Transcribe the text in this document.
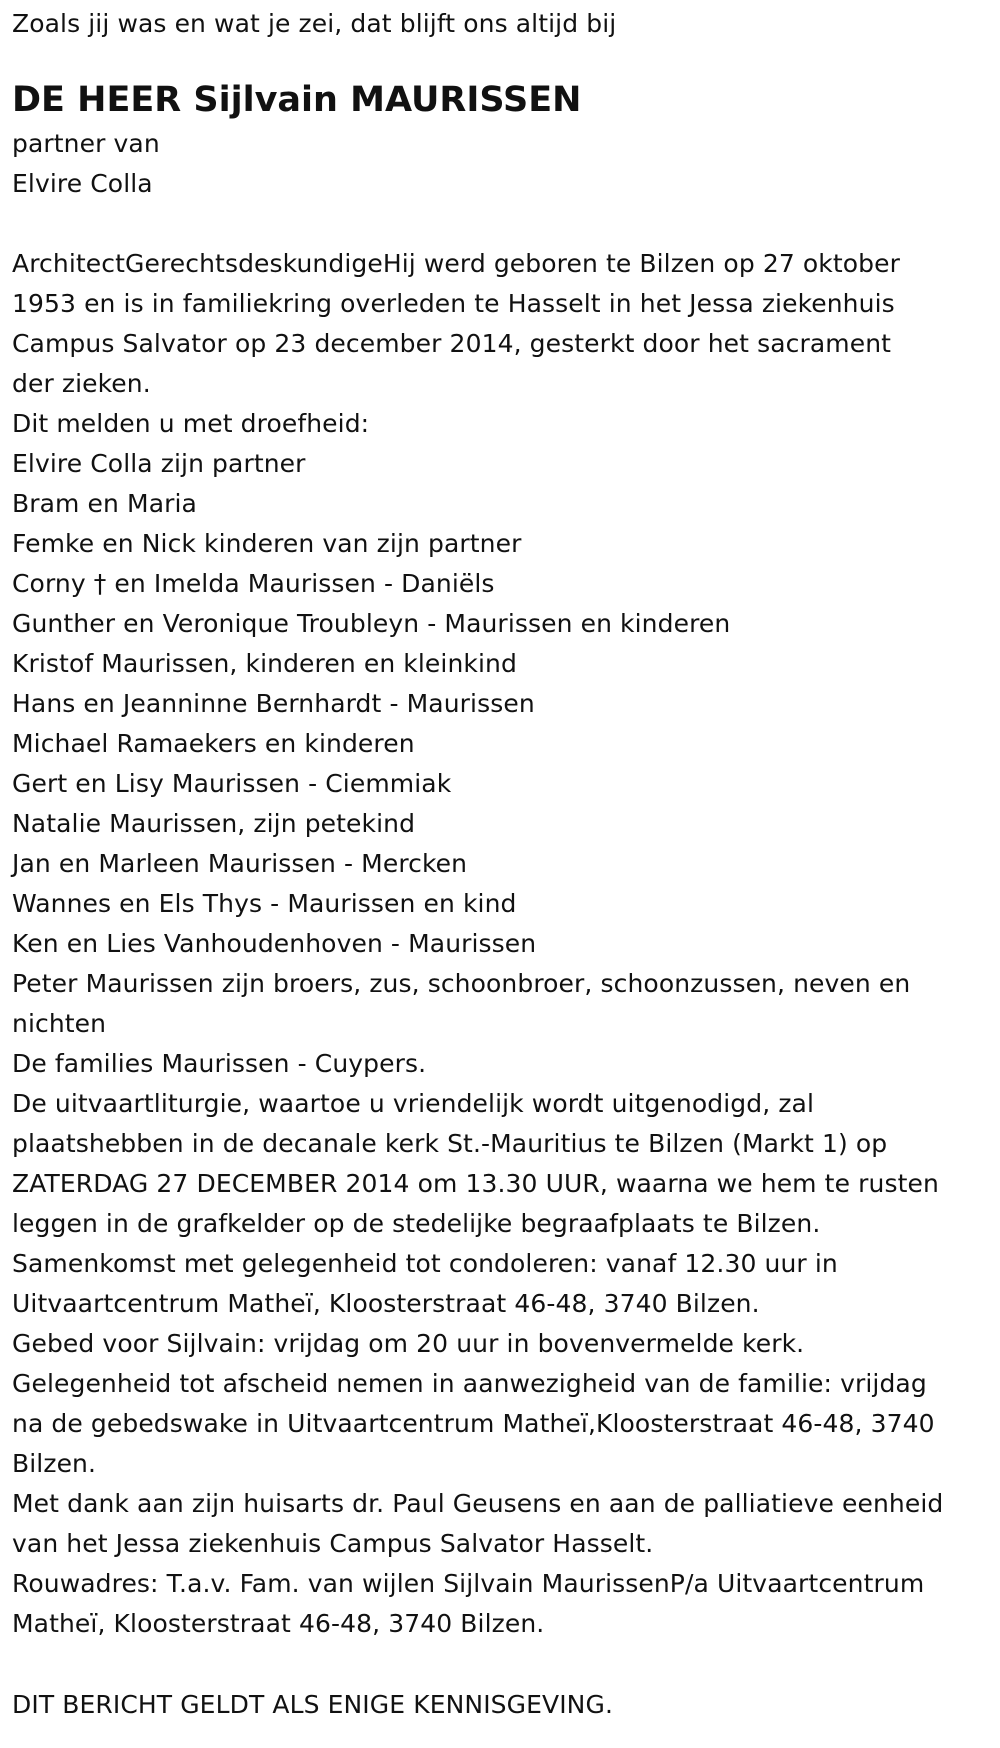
Zoals jij was en wat je zei, dat blijft ons altijd bij
DE HEER Sijlvain MAURISSEN
partner van
Elvire Colla
ArchitectGerechtsdeskundigeHij werd geboren te Bilzen op 27 oktober
1953 en is in familiekring overleden te Hasselt in het Jessa ziekenhuis
Campus Salvator op 23 december 2014, gesterkt door het sacrament
der zieken.
Dit melden u met droefheid:
Elvire Colla zijn partner
Bram en Maria
Femke en Nick kinderen van zijn partner
Corny † en Imelda Maurissen - Daniëls
Gunther en Veronique Troubleyn - Maurissen en kinderen
Kristof Maurissen, kinderen en kleinkind
Hans en Jeanninne Bernhardt - Maurissen
Michael Ramaekers en kinderen
Gert en Lisy Maurissen - Ciemmiak
Natalie Maurissen, zijn petekind
Jan en Marleen Maurissen - Mercken
Wannes en Els Thys - Maurissen en kind
Ken en Lies Vanhoudenhoven - Maurissen
Peter Maurissen zijn broers, zus, schoonbroer, schoonzussen, neven en
nichten
De families Maurissen - Cuypers.
De uitvaartliturgie, waartoe u vriendelijk wordt uitgenodigd, zal
plaatshebben in de decanale kerk St.-Mauritius te Bilzen (Markt 1) op
ZATERDAG 27 DECEMBER 2014 om 13.30 UUR, waarna we hem te rusten
leggen in de grafkelder op de stedelijke begraafplaats te Bilzen.
Samenkomst met gelegenheid tot condoleren: vanaf 12.30 uur in
Uitvaartcentrum Matheï, Kloosterstraat 46-48, 3740 Bilzen.
Gebed voor Sijlvain: vrijdag om 20 uur in bovenvermelde kerk.
Gelegenheid tot afscheid nemen in aanwezigheid van de familie: vrijdag
na de gebedswake in Uitvaartcentrum Matheï,Kloosterstraat 46-48, 3740
Bilzen.
Met dank aan zijn huisarts dr. Paul Geusens en aan de palliatieve eenheid
van het Jessa ziekenhuis Campus Salvator Hasselt.
Rouwadres: T.a.v. Fam. van wijlen Sijlvain MaurissenP/a Uitvaartcentrum
Matheï, Kloosterstraat 46-48, 3740 Bilzen.
DIT BERICHT GELDT ALS ENIGE KENNISGEVING.
